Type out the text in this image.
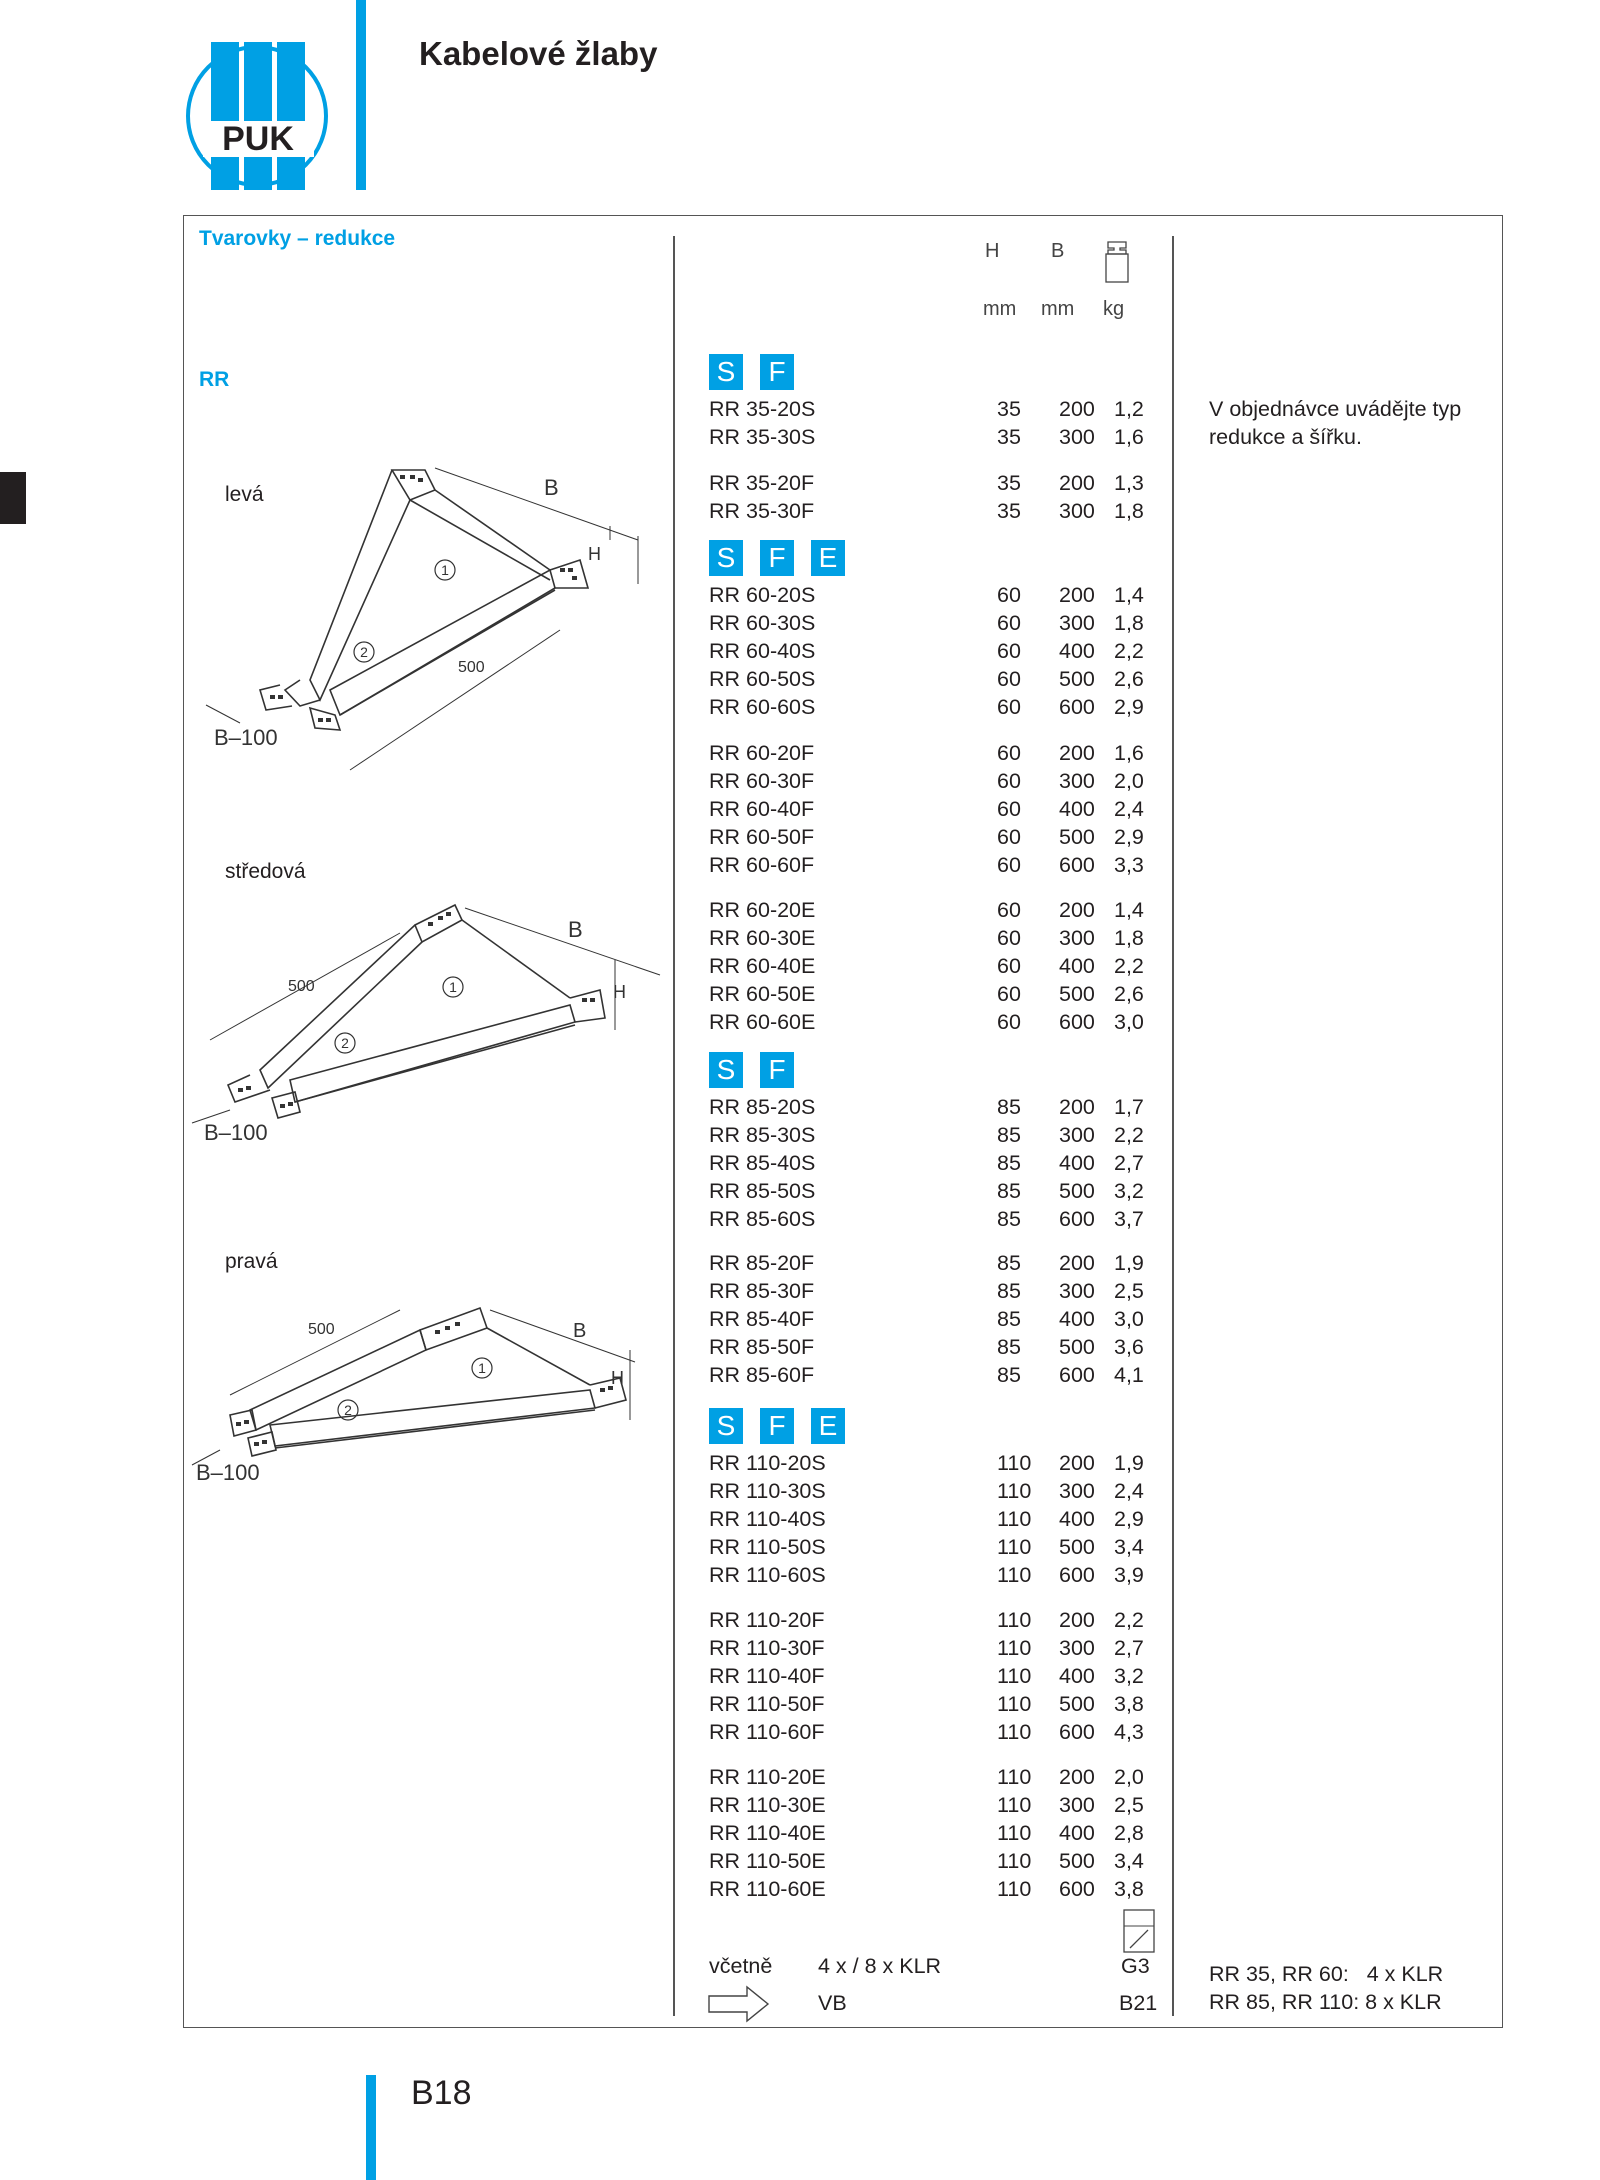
PUK
Kabelové žlaby
Tvarovky – redukce
RR
levá
středová
pravá
1
2
B
H
500
B–100
1
2
B
H
500
B–100
1
2
B
H
500
B–100
H	B
mm mm kg
S	F
S	F	E
S	F
S	F	E
RR 35-20S	35 200 1,2
RR 35-30S	35 300 1,6
RR 35-20F	35 200 1,3
RR 35-30F	35 300 1,8
RR 60-20S	60 200 1,4
RR 60-30S	60 300 1,8
RR 60-40S	60 400 2,2
RR 60-50S	60 500 2,6
RR 60-60S	60 600 2,9
RR 60-20F	60 200 1,6
RR 60-30F	60 300 2,0
RR 60-40F	60 400 2,4
RR 60-50F	60 500 2,9
RR 60-60F	60 600 3,3
RR 60-20E	60 200 1,4
RR 60-30E	60 300 1,8
RR 60-40E	60 400 2,2
RR 60-50E	60 500 2,6
RR 60-60E	60 600 3,0
RR 85-20S	85 200 1,7
RR 85-30S	85 300 2,2
RR 85-40S	85 400 2,7
RR 85-50S	85 500 3,2
RR 85-60S	85 600 3,7
RR 85-20F	85 200 1,9
RR 85-30F	85 300 2,5
RR 85-40F	85 400 3,0
RR 85-50F	85 500 3,6
RR 85-60F	85 600 4,1
RR 110-20S	110 200 1,9
RR 110-30S	110 300 2,4
RR 110-40S	110 400 2,9
RR 110-50S	110 500 3,4
RR 110-60S	110 600 3,9
RR 110-20F	110 200 2,2
RR 110-30F	110 300 2,7
RR 110-40F	110 400 3,2
RR 110-50F	110 500 3,8
RR 110-60F	110 600 4,3
RR 110-20E	110 200 2,0
RR 110-30E	110 300 2,5
RR 110-40E	110 400 2,8
RR 110-50E	110 500 3,4
RR 110-60E	110 600 3,8
včetně 4 x / 8 x KLR	G3
VB	B21
V objednávce uvádějte typ
redukce a šířku.
RR 35, RR 60:   4 x KLR
RR 85, RR 110: 8 x KLR
B18
